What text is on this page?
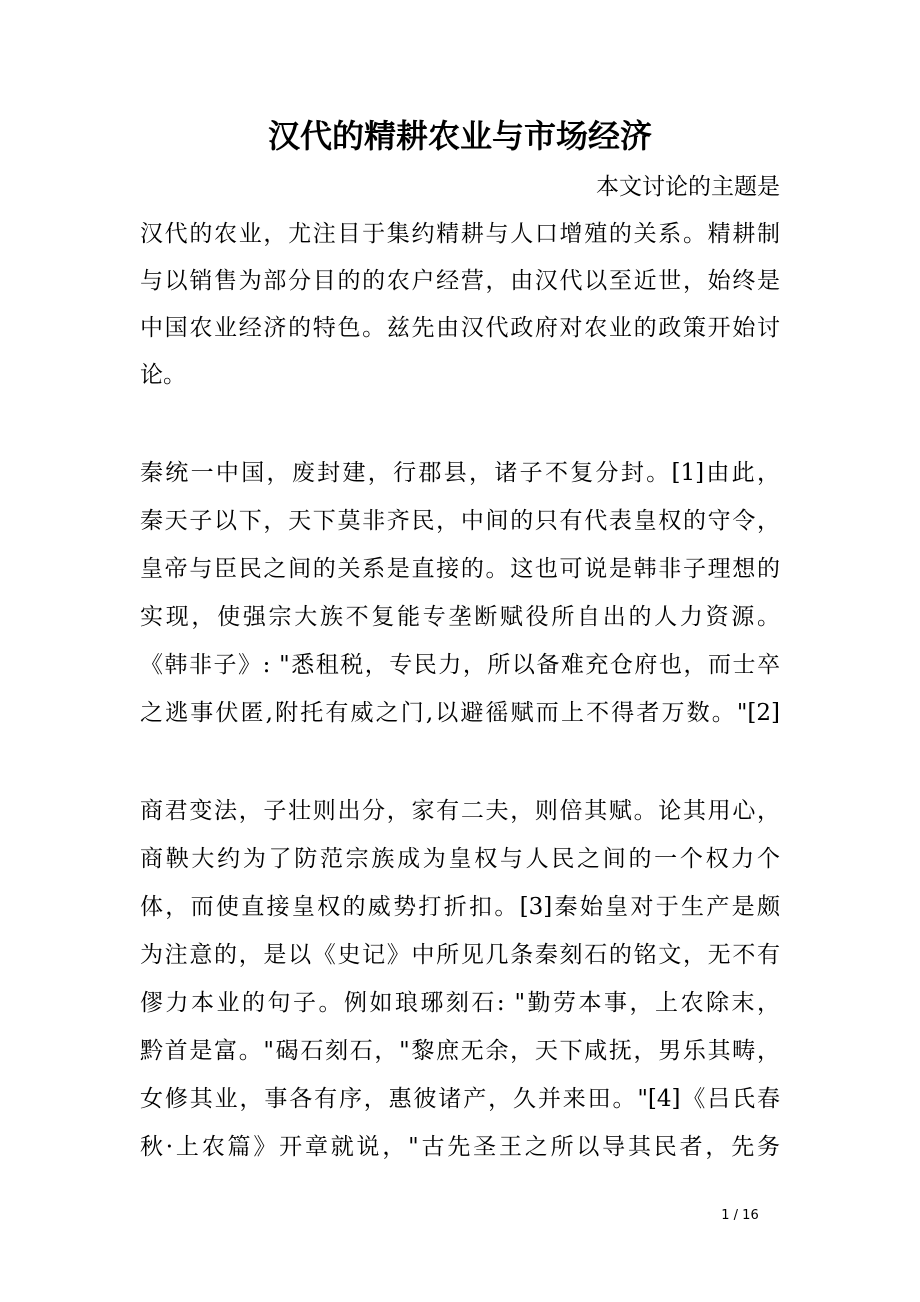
汉代的精耕农业与市场经济
本文讨论的主题是
汉代的农业，尤注目于集约精耕与人口增殖的关系。精耕制
与以销售为部分目的的农户经营，由汉代以至近世，始终是
中国农业经济的特色。兹先由汉代政府对农业的政策开始讨
论。
秦统一中国，废封建，行郡县，诸子不复分封。[1]由此，
秦天子以下，天下莫非齐民，中间的只有代表皇权的守令，
皇帝与臣民之间的关系是直接的。这也可说是韩非子理想的
实现，使强宗大族不复能专垄断赋役所自出的人力资源。
《韩非子》: "悉租税，专民力，所以备难充仓府也，而士卒
之逃事伏匿,附托有威之门,以避徭赋而上不得者万数。"[2]
商君变法，子壮则出分，家有二夫，则倍其赋。论其用心，
商鞅大约为了防范宗族成为皇权与人民之间的一个权力个
体，而使直接皇权的威势打折扣。[3]秦始皇对于生产是颇
为注意的，是以《史记》中所见几条秦刻石的铭文，无不有
僇力本业的句子。例如琅琊刻石: "勤劳本事，上农除末，
黔首是富。"碣石刻石，"黎庶无余，天下咸抚，男乐其畴，
女修其业，事各有序，惠彼诸产，久并来田。"[4]《吕氏春
秋·上农篇》开章就说，"古先圣王之所以导其民者，先务
1 / 16
